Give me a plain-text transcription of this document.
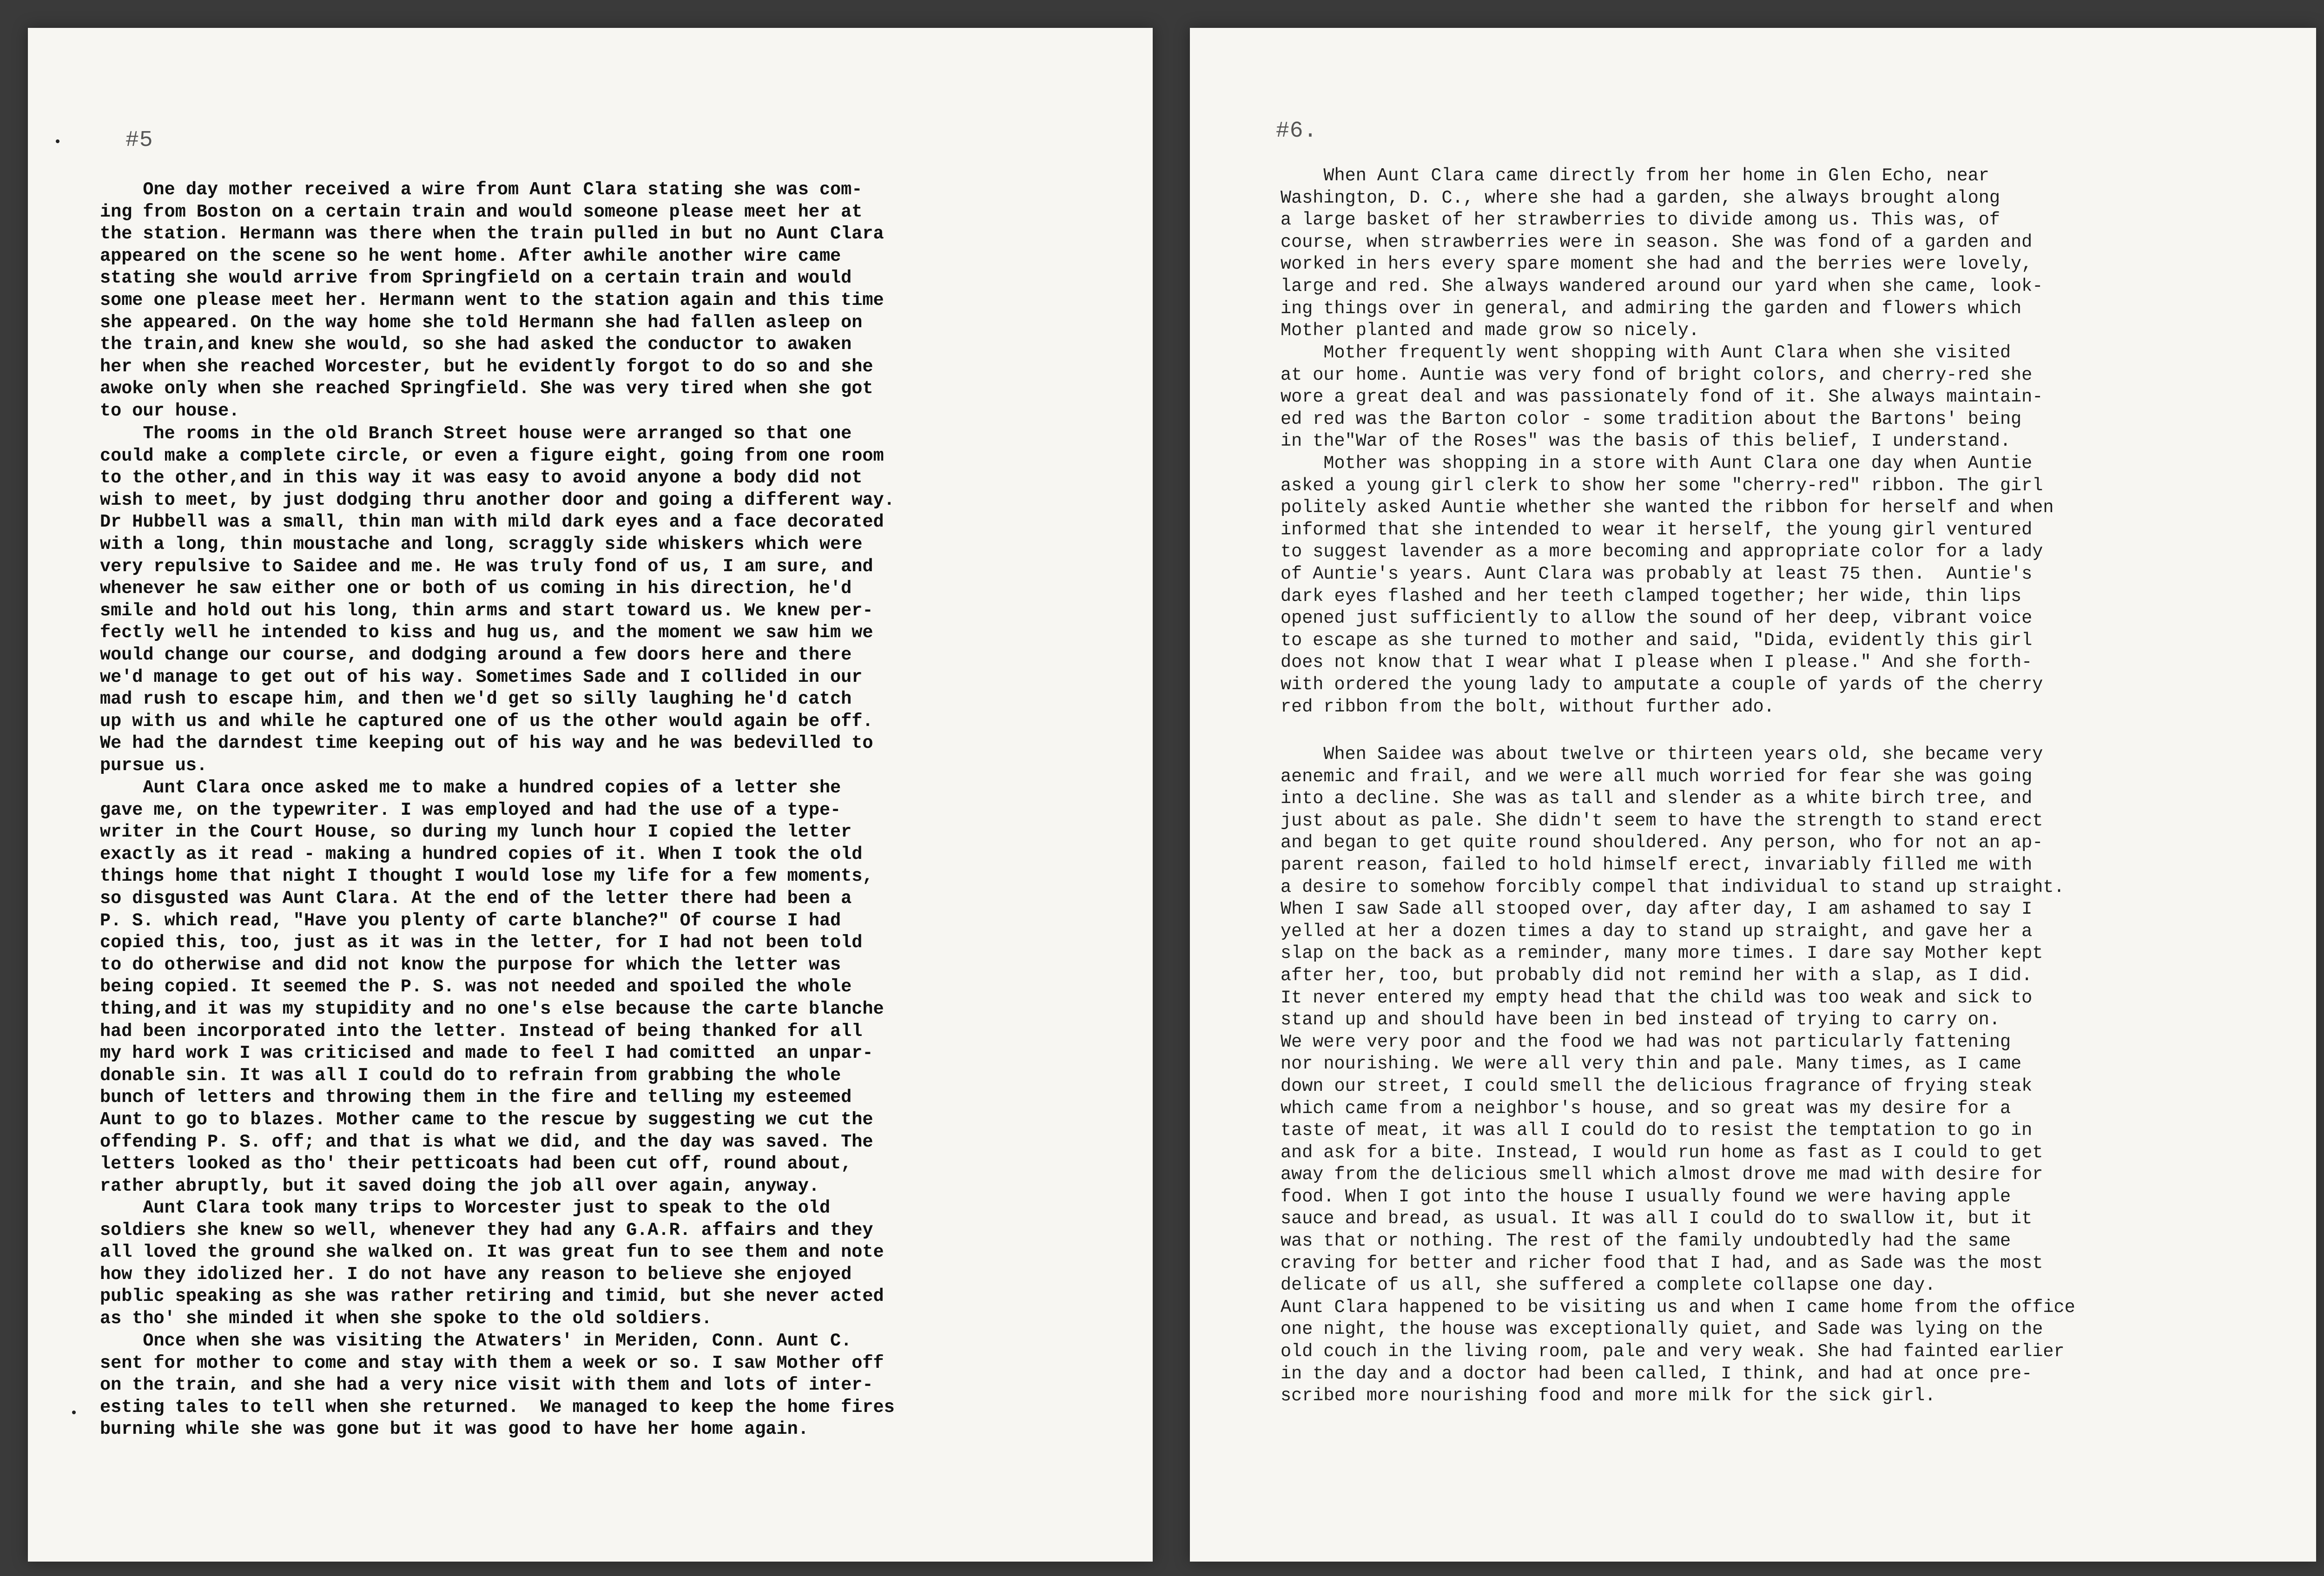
#5

One day mother received a wire from Aunt Clara stating she was com-
ing from Boston on a certain train and would someone please meet her at
the station. Hermann was there when the train pulled in but no Aunt Clara
appeared on the scene so he went home. After awhile another wire came
stating she would arrive from Springfield on a certain train and would
some one please meet her. Hermann went to the station again and this time
she appeared. On the way home she told Hermann she had fallen asleep on
the train,and knew she would, so she had asked the conductor to awaken
her when she reached Worcester, but he evidently forgot to do so and she
awoke only when she reached Springfield. She was very tired when she got
to our house.

The rooms in the old Branch Street house were arranged so that one
could make a complete circle, or even a figure eight, going from one room
to the other,and in this way it was easy to avoid anyone a body did not
wish to meet, by just dodging thru another door and going a different way.
Dr Hubbell was a small, thin man with mild dark eyes and a face decorated
with a long, thin moustache and long, scraggly side whiskers which were
very repulsive to Saidee and me. He was truly fond of us, I am sure, and
whenever he saw either one or both of us coming in his direction, he'd
smile and hold out his long, thin arms and start toward us. We knew per-
fectly well he intended to kiss and hug us, and the moment we saw him we
would change our course, and dodging around a few doors here and there
we'd manage to get out of his way. Sometimes Sade and I collided in our
mad rush to escape him, and then we'd get so silly laughing he'd catch
up with us and while he captured one of us the other would again be off.
We had the darndest time keeping out of his way and he was bedevilled to
pursue us.

Aunt Clara once asked me to make a hundred copies of a letter she
gave me, on the typewriter. I was employed and had the use of a type-
writer in the Court House, so during my lunch hour I copied the letter
exactly as it read - making a hundred copies of it. When I took the old
things home that night I thought I would lose my life for a few moments,
so disgusted was Aunt Clara. At the end of the letter there had been a
P. S. which read, "Have you plenty of carte blanche?" Of course I had
copied this, too, just as it was in the letter, for I had not been told
to do otherwise and did not know the purpose for which the letter was
being copied. It seemed the P. S. was not needed and spoiled the whole
thing,and it was my stupidity and no one's else because the carte blanche
had been incorporated into the letter. Instead of being thanked for all
my hard work I was criticised and made to feel I had comitted  an unpar-
donable sin. It was all I could do to refrain from grabbing the whole
bunch of letters and throwing them in the fire and telling my esteemed
Aunt to go to blazes. Mother came to the rescue by suggesting we cut the
offending P. S. off; and that is what we did, and the day was saved. The
letters looked as tho' their petticoats had been cut off, round about,
rather abruptly, but it saved doing the job all over again, anyway.

Aunt Clara took many trips to Worcester just to speak to the old
soldiers she knew so well, whenever they had any G.A.R. affairs and they
all loved the ground she walked on. It was great fun to see them and note
how they idolized her. I do not have any reason to believe she enjoyed
public speaking as she was rather retiring and timid, but she never acted
as tho' she minded it when she spoke to the old soldiers.

Once when she was visiting the Atwaters' in Meriden, Conn. Aunt C.
sent for mother to come and stay with them a week or so. I saw Mother off
on the train, and she had a very nice visit with them and lots of inter-
esting tales to tell when she returned.  We managed to keep the home fires
burning while she was gone but it was good to have her home again.

#6.

When Aunt Clara came directly from her home in Glen Echo, near
Washington, D. C., where she had a garden, she always brought along
a large basket of her strawberries to divide among us. This was, of
course, when strawberries were in season. She was fond of a garden and
worked in hers every spare moment she had and the berries were lovely,
large and red. She always wandered around our yard when she came, look-
ing things over in general, and admiring the garden and flowers which
Mother planted and made grow so nicely.

Mother frequently went shopping with Aunt Clara when she visited
at our home. Auntie was very fond of bright colors, and cherry-red she
wore a great deal and was passionately fond of it. She always maintain-
ed red was the Barton color - some tradition about the Bartons' being
in the"War of the Roses" was the basis of this belief, I understand.

Mother was shopping in a store with Aunt Clara one day when Auntie
asked a young girl clerk to show her some "cherry-red" ribbon. The girl
politely asked Auntie whether she wanted the ribbon for herself and when
informed that she intended to wear it herself, the young girl ventured
to suggest lavender as a more becoming and appropriate color for a lady
of Auntie's years. Aunt Clara was probably at least 75 then.  Auntie's
dark eyes flashed and her teeth clamped together; her wide, thin lips
opened just sufficiently to allow the sound of her deep, vibrant voice
to escape as she turned to mother and said, "Dida, evidently this girl
does not know that I wear what I please when I please." And she forth-
with ordered the young lady to amputate a couple of yards of the cherry
red ribbon from the bolt, without further ado.

When Saidee was about twelve or thirteen years old, she became very
aenemic and frail, and we were all much worried for fear she was going
into a decline. She was as tall and slender as a white birch tree, and
just about as pale. She didn't seem to have the strength to stand erect
and began to get quite round shouldered. Any person, who for not an ap-
parent reason, failed to hold himself erect, invariably filled me with
a desire to somehow forcibly compel that individual to stand up straight.
When I saw Sade all stooped over, day after day, I am ashamed to say I
yelled at her a dozen times a day to stand up straight, and gave her a
slap on the back as a reminder, many more times. I dare say Mother kept
after her, too, but probably did not remind her with a slap, as I did.
It never entered my empty head that the child was too weak and sick to
stand up and should have been in bed instead of trying to carry on.
We were very poor and the food we had was not particularly fattening
nor nourishing. We were all very thin and pale. Many times, as I came
down our street, I could smell the delicious fragrance of frying steak
which came from a neighbor's house, and so great was my desire for a
taste of meat, it was all I could do to resist the temptation to go in
and ask for a bite. Instead, I would run home as fast as I could to get
away from the delicious smell which almost drove me mad with desire for
food. When I got into the house I usually found we were having apple
sauce and bread, as usual. It was all I could do to swallow it, but it
was that or nothing. The rest of the family undoubtedly had the same
craving for better and richer food that I had, and as Sade was the most
delicate of us all, she suffered a complete collapse one day.
Aunt Clara happened to be visiting us and when I came home from the office
one night, the house was exceptionally quiet, and Sade was lying on the
old couch in the living room, pale and very weak. She had fainted earlier
in the day and a doctor had been called, I think, and had at once pre-
scribed more nourishing food and more milk for the sick girl.
